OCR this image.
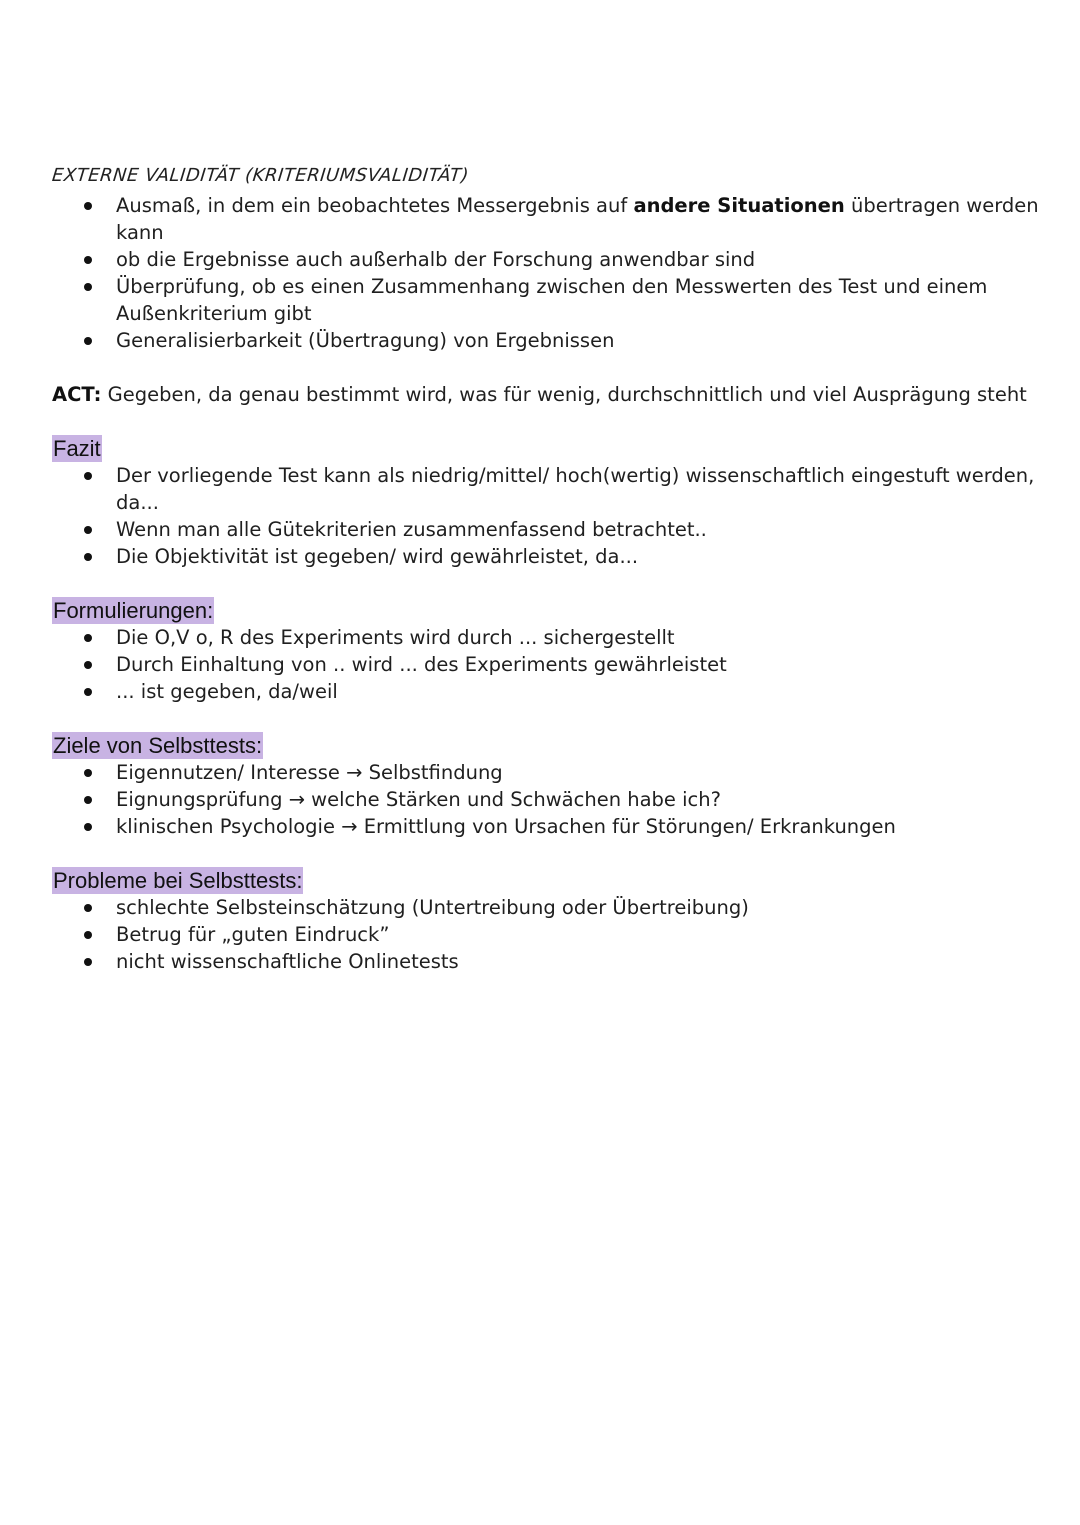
EXTERNE VALIDITÄT (KRITERIUMSVALIDITÄT)
Ausmaß, in dem ein beobachtetes Messergebnis auf andere Situationen übertragen werden kann
ob die Ergebnisse auch außerhalb der Forschung anwendbar sind
Überprüfung, ob es einen Zusammenhang zwischen den Messwerten des Test und einem Außenkriterium gibt
Generalisierbarkeit (Übertragung) von Ergebnissen
ACT: Gegeben, da genau bestimmt wird, was für wenig, durchschnittlich und viel Ausprägung steht
Fazit
Der vorliegende Test kann als niedrig/mittel/ hoch(wertig) wissenschaftlich eingestuft werden, da...
Wenn man alle Gütekriterien zusammenfassend betrachtet..
Die Objektivität ist gegeben/ wird gewährleistet, da...
Formulierungen:
Die O,V o, R des Experiments wird durch ... sichergestellt
Durch Einhaltung von .. wird ... des Experiments gewährleistet
... ist gegeben, da/weil
Ziele von Selbsttests:
Eigennutzen/ Interesse → Selbstfindung
Eignungsprüfung → welche Stärken und Schwächen habe ich?
klinischen Psychologie → Ermittlung von Ursachen für Störungen/ Erkrankungen
Probleme bei Selbsttests:
schlechte Selbsteinschätzung (Untertreibung oder Übertreibung)
Betrug für „guten Eindruck”
nicht wissenschaftliche Onlinetests
